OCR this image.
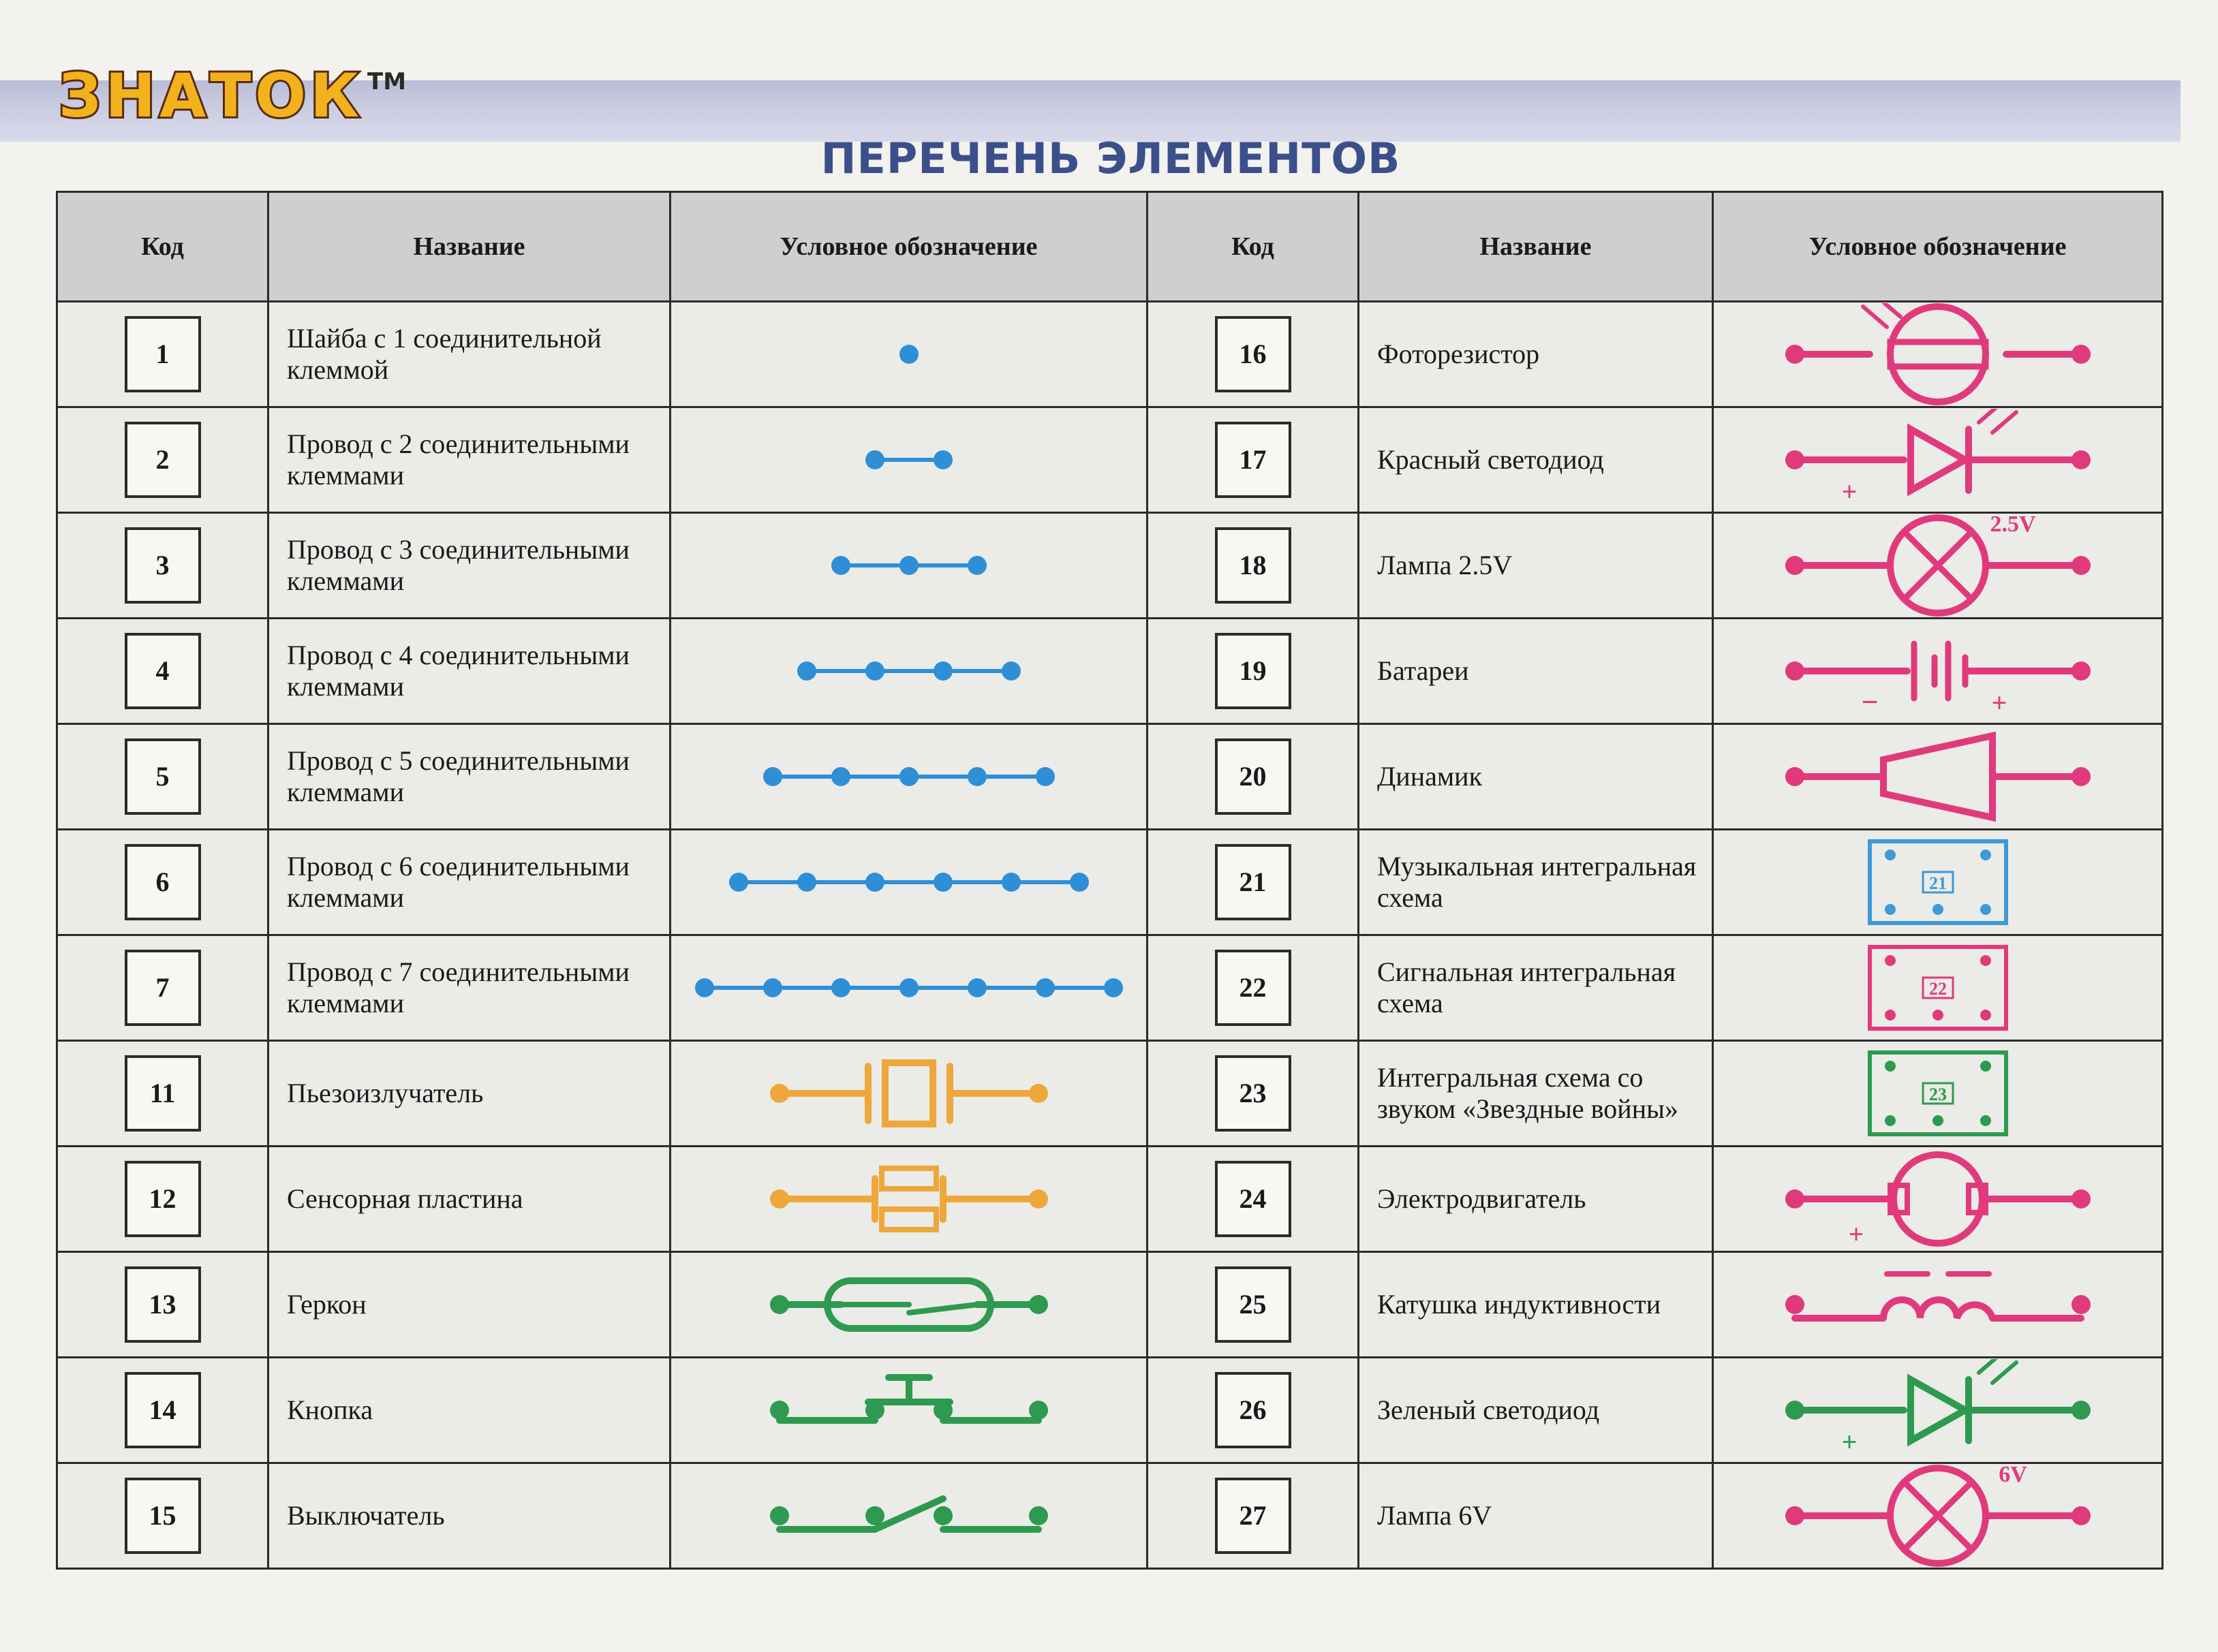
ЗНАТОК TM
ПЕРЕЧЕНЬ ЭЛЕМЕНТОВ
Код	Название	Условное обозначение	Код	Название	Условное обозначение
1	Шайба с 1 соединительной клеммой		16	Фоторезистор	

2	Провод с 2 соединительными клеммами		17	Красный светодиод	+

3	Провод с 3 соединительными клеммами		18	Лампа 2.5V	2.5V

4	Провод с 4 соединительными клеммами		19	Батареи	− +

5	Провод с 5 соединительными клеммами		20	Динамик	

6	Провод с 6 соединительными клеммами		21	Музыкальная интегральная схема	21

7	Провод с 7 соединительными клеммами		22	Сигнальная интегральная схема	22

11	Пьезоизлучатель		23	Интегральная схема со звуком «Звездные войны»	23

12	Сенсорная пластина		24	Электродвигатель	+

13	Геркон		25	Катушка индуктивности	

14	Кнопка		26	Зеленый светодиод	+

15	Выключатель		27	Лампа 6V	6V
